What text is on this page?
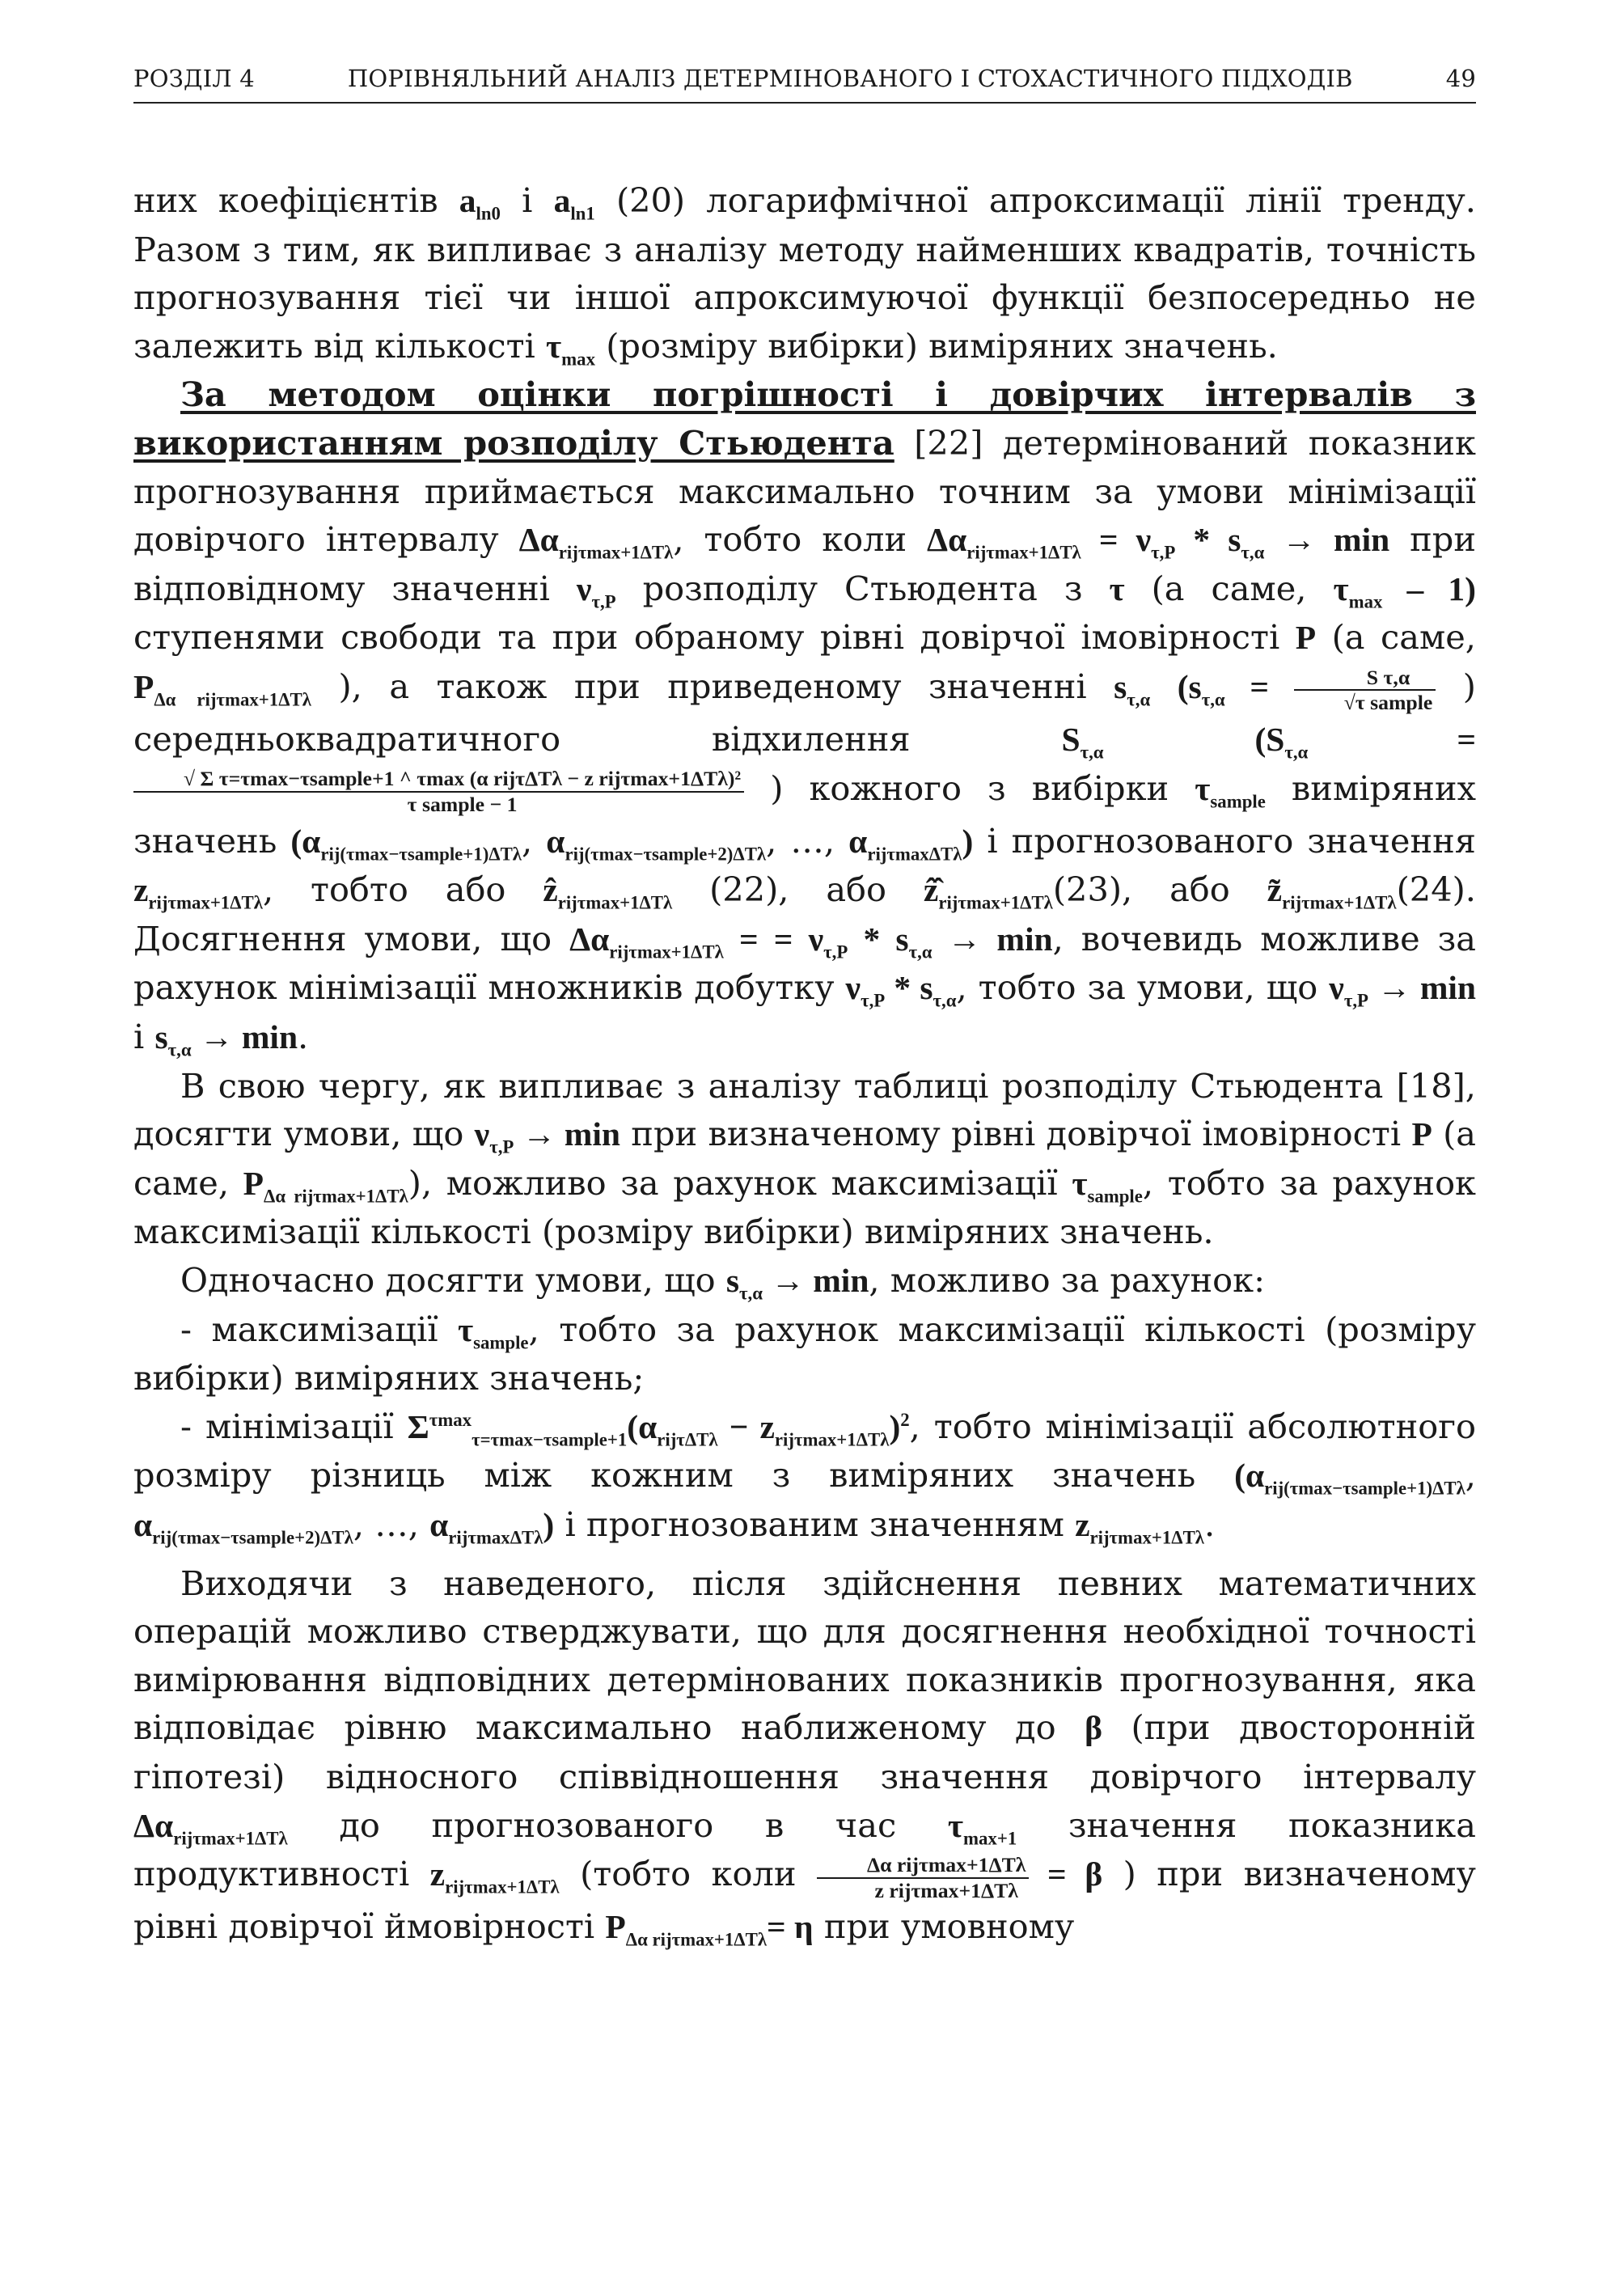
РОЗДІЛ 4	ПОРІВНЯЛЬНИЙ АНАЛІЗ ДЕТЕРМІНОВАНОГО І СТОХАСТИЧНОГО ПІДХОДІВ	49

них коефіцієнтів $a_{ln0}$ і $a_{ln1}$ (20) логарифмічної апроксимації лінії тренду. Разом з тим, як випливає з аналізу методу найменших квадратів, точність прогнозування тієї чи іншої апроксимуючої функції безпосередньо не залежить від кількості $\tau_{max}$ (розміру вибірки) виміряних значень.

За методом оцінки погрішності і довірчих інтервалів з використанням розподілу Стьюдента [22] детермінований показник прогнозування приймається максимально точним за умови мінімізації довірчого інтервалу $\Delta\alpha_{rij\tau max+1\Delta T\lambda}$, тобто коли $\Delta\alpha_{rij\tau max+1\Delta T\lambda} = \nu_{\tau,P} * s_{\tau,\alpha} \to \min$ при відповідному значенні $\nu_{\tau,P}$ розподілу Стьюдента з τ (а саме, $\tau_{max} - 1$) ступенями свободи та при обраному рівні довірчої імовірності P (а саме, $P_{\Delta\alpha rij\tau max+1\Delta T\lambda}$ ), а також при приведеному значенні $s_{\tau,\alpha}$ ($s_{\tau,\alpha} = \frac{\text{S τ,α}}{\text{√τ sample}}$ ) середньоквадратичного відхилення	$S_{\tau,\alpha}$	($S_{\tau,\alpha}$	=
$\frac{\text{√ Σ τ=τmax−τsample+1 \textasciicircum{} τmax (α rijτΔTλ − z rijτmax+1ΔTλ)²}}{\text{τ sample − 1}}$ ) кожного з вибірки $\tau_{sample}$ виміряних значень ($\alpha_{rij(\tau max-\tau sample+1)\Delta T\lambda}$, $\alpha_{rij(\tau max-\tau sample+2)\Delta T\lambda}$, …, $\alpha_{rij\tau max\Delta T\lambda}$) і прогнозованого значення $z_{rij\tau max+1\Delta T\lambda}$, тобто або ẑ$_{rij\tau max+1\Delta T\lambda}$ (22), або $ẑ̂_{rij\tau max+1\Delta T\lambda}(23)$, або $z̃_{rij\tau max+1\Delta T\lambda}(24)$. Досягнення умови, що $\Delta\alpha_{rij\tau max+1\Delta T\lambda}$ = = $\nu_{\tau,P} * s_{\tau,\alpha} \to \min$, вочевидь можливе за рахунок мінімізації множників добутку $\nu_{\tau,P} * s_{\tau,\alpha}$, тобто за умови, що $\nu_{\tau,P} \to \min і$ $s_{\tau,\alpha} \to \min$.

В свою чергу, як випливає з аналізу таблиці розподілу Стьюдента [18], досягти умови, що $\nu_{\tau,P} \to \min$ при визначеному рівні довірчої імовірності P (а саме, $P_{\Delta\alpha rij\tau max+1\Delta T\lambda}$), можливо за рахунок максимізації $\tau_{sample}$, тобто за рахунок максимізації кількості (розміру вибірки) виміряних значень.

Одночасно досягти умови, що $s_{\tau,\alpha} \to \min$, можливо за рахунок:

- максимізації $\tau_{sample}$, тобто за рахунок максимізації кількості (розміру вибірки) виміряних значень;

- мінімізації $\Sigma^{\tau max}_{\tau=\tau max-\tau sample+1}(\alpha_{rij\tau\Delta T\lambda} - z_{rij\tau max+1\Delta T\lambda})^2$, тобто мінімізації абсолютного розміру різниць між кожним з виміряних значень ($\alpha_{rij(\tau max-\tau sample+1)\Delta T\lambda}$, $\alpha_{rij(\tau max-\tau sample+2)\Delta T\lambda}$, …, $\alpha_{rij\tau max\Delta T\lambda}$) і прогнозованим значенням $z_{rij\tau max+1\Delta T\lambda}$.

Виходячи з наведеного, після здійснення певних математичних операцій можливо стверджувати, що для досягнення необхідної точності вимірювання відповідних детермінованих показників прогнозування, яка відповідає рівню максимально наближеному до β (при двосторонній гіпотезі) відносного співвідношення значення довірчого інтервалу $\Delta\alpha_{rij\tau max+1\Delta T\lambda}$ до прогнозованого в час $\tau_{max+1}$ значення показника продуктивності $z_{rij\tau max+1\Delta T\lambda}$ (тобто коли $\frac{\text{Δα rijτmax+1ΔTλ}}{\text{z rijτmax+1ΔTλ}} = \beta$ ) при визначеному рівні довірчої ймовірності $P_{\Delta\alpha rij\tau max+1\Delta T\lambda}= \eta$ при умовному
